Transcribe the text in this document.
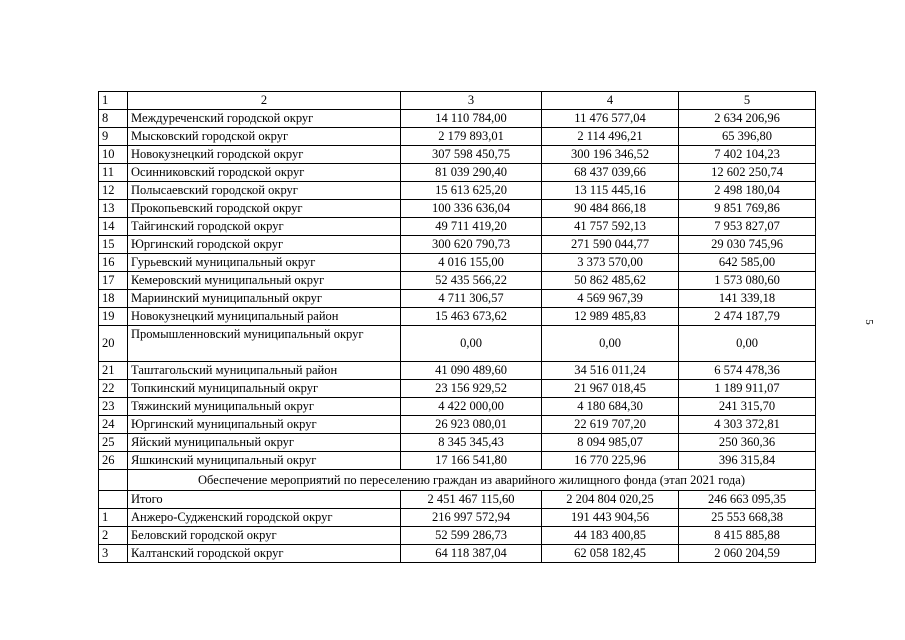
1	2	3	4	5
8	Междуреченский городской округ	14 110 784,00	11 476 577,04	2 634 206,96
9	Мысковский городской округ	2 179 893,01	2 114 496,21	65 396,80
10	Новокузнецкий городской округ	307 598 450,75	300 196 346,52	7 402 104,23
11	Осинниковский городской округ	81 039 290,40	68 437 039,66	12 602 250,74
12	Полысаевский городской округ	15 613 625,20	13 115 445,16	2 498 180,04
13	Прокопьевский городской округ	100 336 636,04	90 484 866,18	9 851 769,86
14	Тайгинский городской округ	49 711 419,20	41 757 592,13	7 953 827,07
15	Юргинский городской округ	300 620 790,73	271 590 044,77	29 030 745,96
16	Гурьевский муниципальный округ	4 016 155,00	3 373 570,00	642 585,00
17	Кемеровский муниципальный округ	52 435 566,22	50 862 485,62	1 573 080,60
18	Мариинский муниципальный округ	4 711 306,57	4 569 967,39	141 339,18
19	Новокузнецкий муниципальный район	15 463 673,62	12 989 485,83	2 474 187,79
20	Промышленновский муниципальный округ	0,00	0,00	0,00
21	Таштагольский муниципальный район	41 090 489,60	34 516 011,24	6 574 478,36
22	Топкинский муниципальный округ	23 156 929,52	21 967 018,45	1 189 911,07
23	Тяжинский муниципальный округ	4 422 000,00	4 180 684,30	241 315,70
24	Юргинский муниципальный округ	26 923 080,01	22 619 707,20	4 303 372,81
25	Яйский муниципальный округ	8 345 345,43	8 094 985,07	250 360,36
26	Яшкинский муниципальный округ	17 166 541,80	16 770 225,96	396 315,84
	Обеспечение мероприятий по переселению граждан из аварийного жилищного фонда (этап 2021 года)			
	Итого	2 451 467 115,60	2 204 804 020,25	246 663 095,35
1	Анжеро-Судженский городской округ	216 997 572,94	191 443 904,56	25 553 668,38
2	Беловский городской округ	52 599 286,73	44 183 400,85	8 415 885,88
3	Калтанский городской округ	64 118 387,04	62 058 182,45	2 060 204,59
5
